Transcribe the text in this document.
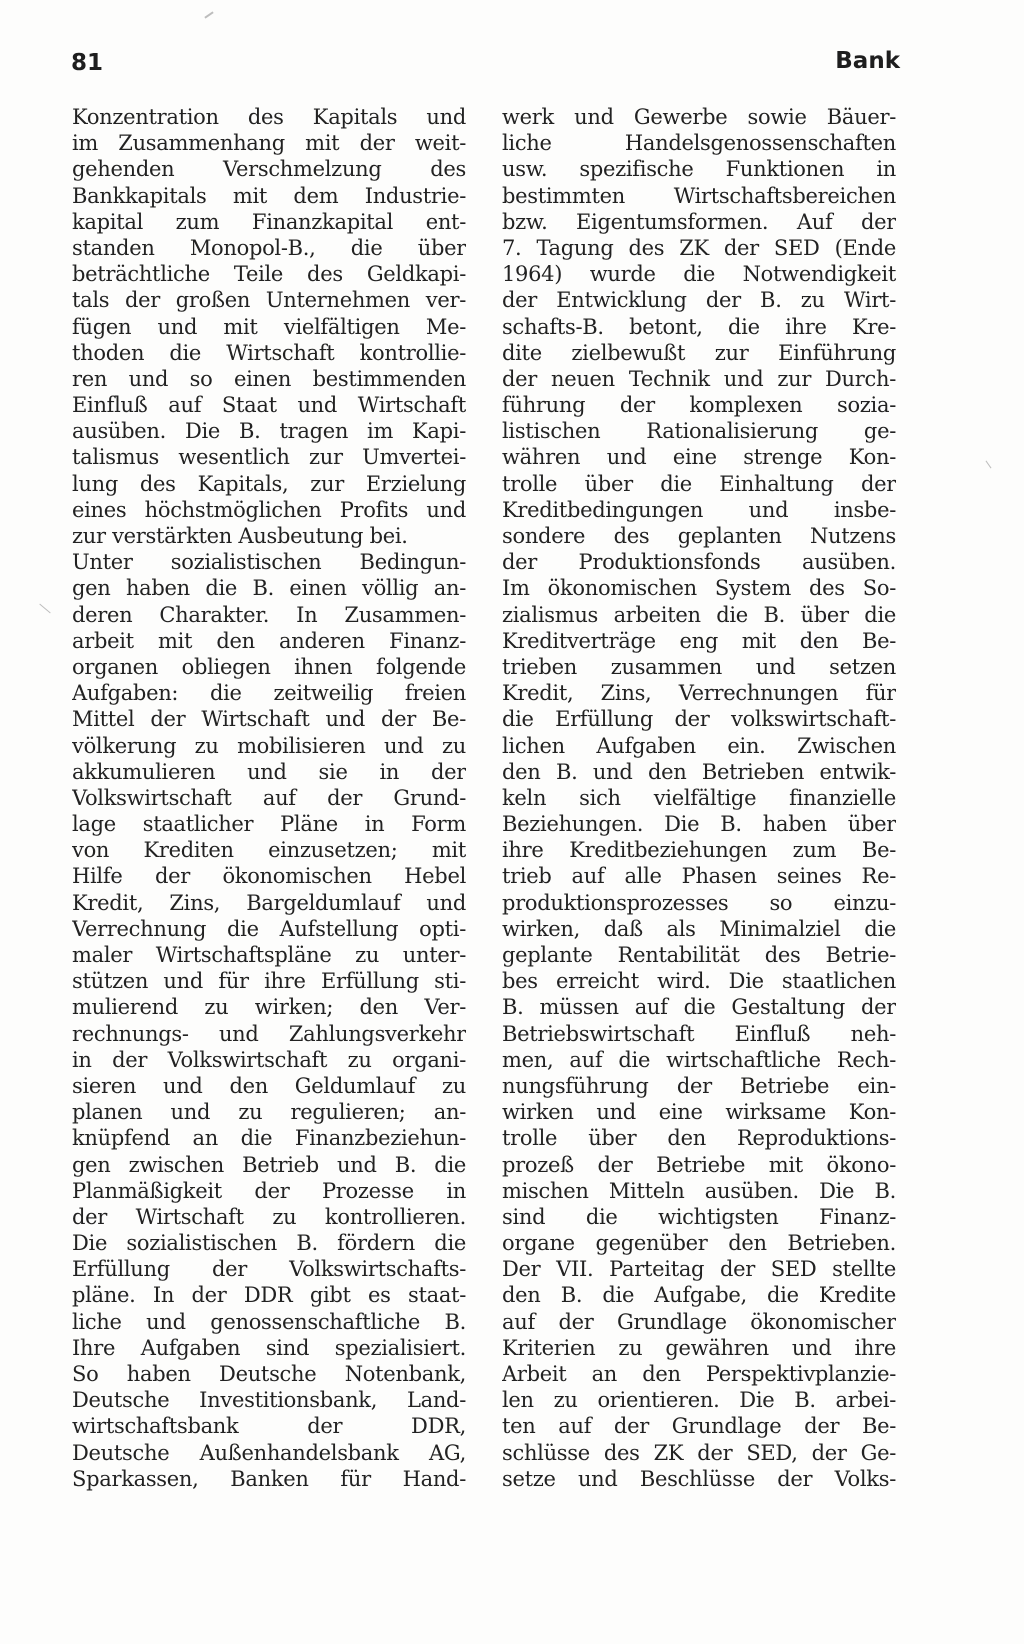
81	Bank
Konzentration des Kapitals und
im Zusammenhang mit der weit-
gehenden Verschmelzung des
Bankkapitals mit dem Industrie-
kapital zum Finanzkapital ent-
standen Monopol-B., die über
beträchtliche Teile des Geldkapi-
tals der großen Unternehmen ver-
fügen und mit vielfältigen Me-
thoden die Wirtschaft kontrollie-
ren und so einen bestimmenden
Einfluß auf Staat und Wirtschaft
ausüben. Die B. tragen im Kapi-
talismus wesentlich zur Umvertei-
lung des Kapitals, zur Erzielung
eines höchstmöglichen Profits und
zur verstärkten Ausbeutung bei.
Unter sozialistischen Bedingun-
gen haben die B. einen völlig an-
deren Charakter. In Zusammen-
arbeit mit den anderen Finanz-
organen obliegen ihnen folgende
Aufgaben: die zeitweilig freien
Mittel der Wirtschaft und der Be-
völkerung zu mobilisieren und zu
akkumulieren und sie in der
Volkswirtschaft auf der Grund-
lage staatlicher Pläne in Form
von Krediten einzusetzen; mit
Hilfe der ökonomischen Hebel
Kredit, Zins, Bargeldumlauf und
Verrechnung die Aufstellung opti-
maler Wirtschaftspläne zu unter-
stützen und für ihre Erfüllung sti-
mulierend zu wirken; den Ver-
rechnungs- und Zahlungsverkehr
in der Volkswirtschaft zu organi-
sieren und den Geldumlauf zu
planen und zu regulieren; an-
knüpfend an die Finanzbeziehun-
gen zwischen Betrieb und B. die
Planmäßigkeit der Prozesse in
der Wirtschaft zu kontrollieren.
Die sozialistischen B. fördern die
Erfüllung der Volkswirtschafts-
pläne. In der DDR gibt es staat-
liche und genossenschaftliche B.
Ihre Aufgaben sind spezialisiert.
So haben Deutsche Notenbank,
Deutsche Investitionsbank, Land-
wirtschaftsbank der DDR,
Deutsche Außenhandelsbank AG,
Sparkassen, Banken für Hand-
werk und Gewerbe sowie Bäuer-
liche Handelsgenossenschaften
usw. spezifische Funktionen in
bestimmten Wirtschaftsbereichen
bzw. Eigentumsformen. Auf der
7. Tagung des ZK der SED (Ende
1964) wurde die Notwendigkeit
der Entwicklung der B. zu Wirt-
schafts-B. betont, die ihre Kre-
dite zielbewußt zur Einführung
der neuen Technik und zur Durch-
führung der komplexen sozia-
listischen Rationalisierung ge-
währen und eine strenge Kon-
trolle über die Einhaltung der
Kreditbedingungen und insbe-
sondere des geplanten Nutzens
der Produktionsfonds ausüben.
Im ökonomischen System des So-
zialismus arbeiten die B. über die
Kreditverträge eng mit den Be-
trieben zusammen und setzen
Kredit, Zins, Verrechnungen für
die Erfüllung der volkswirtschaft-
lichen Aufgaben ein. Zwischen
den B. und den Betrieben entwik-
keln sich vielfältige finanzielle
Beziehungen. Die B. haben über
ihre Kreditbeziehungen zum Be-
trieb auf alle Phasen seines Re-
produktionsprozesses so einzu-
wirken, daß als Minimalziel die
geplante Rentabilität des Betrie-
bes erreicht wird. Die staatlichen
B. müssen auf die Gestaltung der
Betriebswirtschaft Einfluß neh-
men, auf die wirtschaftliche Rech-
nungsführung der Betriebe ein-
wirken und eine wirksame Kon-
trolle über den Reproduktions-
prozeß der Betriebe mit ökono-
mischen Mitteln ausüben. Die B.
sind die wichtigsten Finanz-
organe gegenüber den Betrieben.
Der VII. Parteitag der SED stellte
den B. die Aufgabe, die Kredite
auf der Grundlage ökonomischer
Kriterien zu gewähren und ihre
Arbeit an den Perspektivplanzie-
len zu orientieren. Die B. arbei-
ten auf der Grundlage der Be-
schlüsse des ZK der SED, der Ge-
setze und Beschlüsse der Volks-
